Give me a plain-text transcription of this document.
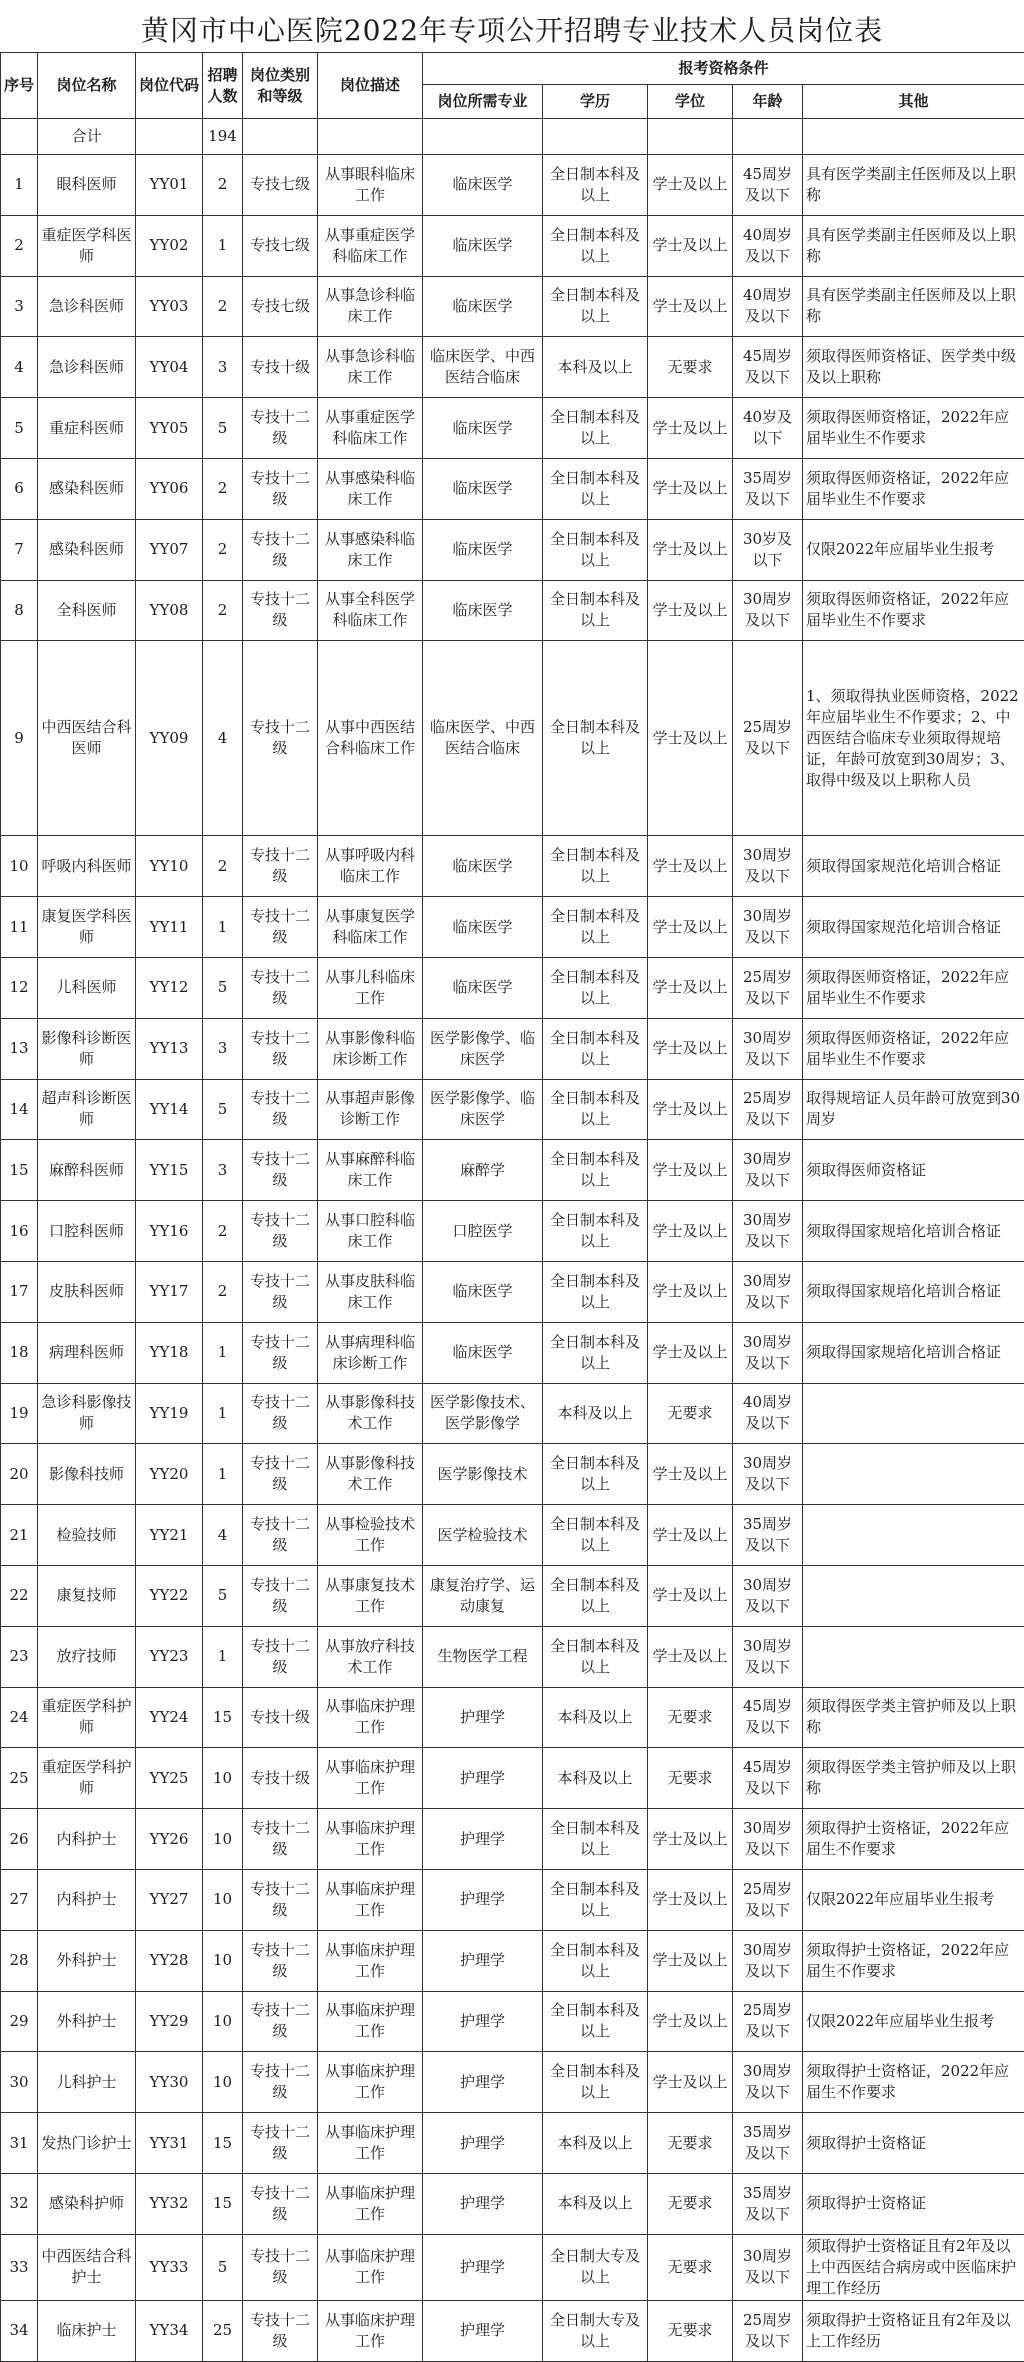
黄冈市中心医院2022年专项公开招聘专业技术人员岗位表
序号	岗位名称	岗位代码	招聘人数	岗位类别和等级	岗位描述	报考资格条件				
						岗位所需专业	学历	学位	年龄	其他
	合计		194							
1	眼科医师	YY01	2	专技七级	从事眼科临床工作	临床医学	全日制本科及以上	学士及以上	45周岁及以下	具有医学类副主任医师及以上职称
2	重症医学科医师	YY02	1	专技七级	从事重症医学科临床工作	临床医学	全日制本科及以上	学士及以上	40周岁及以下	具有医学类副主任医师及以上职称
3	急诊科医师	YY03	2	专技七级	从事急诊科临床工作	临床医学	全日制本科及以上	学士及以上	40周岁及以下	具有医学类副主任医师及以上职称
4	急诊科医师	YY04	3	专技十级	从事急诊科临床工作	临床医学、中西医结合临床	本科及以上	无要求	45周岁及以下	须取得医师资格证、医学类中级及以上职称
5	重症科医师	YY05	5	专技十二级	从事重症医学科临床工作	临床医学	全日制本科及以上	学士及以上	40岁及以下	须取得医师资格证，2022年应届毕业生不作要求
6	感染科医师	YY06	2	专技十二级	从事感染科临床工作	临床医学	全日制本科及以上	学士及以上	35周岁及以下	须取得医师资格证，2022年应届毕业生不作要求
7	感染科医师	YY07	2	专技十二级	从事感染科临床工作	临床医学	全日制本科及以上	学士及以上	30岁及以下	仅限2022年应届毕业生报考
8	全科医师	YY08	2	专技十二级	从事全科医学科临床工作	临床医学	全日制本科及以上	学士及以上	30周岁及以下	须取得医师资格证，2022年应届毕业生不作要求
9	中西医结合科医师	YY09	4	专技十二级	从事中西医结合科临床工作	临床医学、中西医结合临床	全日制本科及以上	学士及以上	25周岁及以下	1、须取得执业医师资格，2022年应届毕业生不作要求；2、中西医结合临床专业须取得规培证，年龄可放宽到30周岁；3、取得中级及以上职称人员
10	呼吸内科医师	YY10	2	专技十二级	从事呼吸内科临床工作	临床医学	全日制本科及以上	学士及以上	30周岁及以下	须取得国家规范化培训合格证
11	康复医学科医师	YY11	1	专技十二级	从事康复医学科临床工作	临床医学	全日制本科及以上	学士及以上	30周岁及以下	须取得国家规范化培训合格证
12	儿科医师	YY12	5	专技十二级	从事儿科临床工作	临床医学	全日制本科及以上	学士及以上	25周岁及以下	须取得医师资格证，2022年应届毕业生不作要求
13	影像科诊断医师	YY13	3	专技十二级	从事影像科临床诊断工作	医学影像学、临床医学	全日制本科及以上	学士及以上	30周岁及以下	须取得医师资格证，2022年应届毕业生不作要求
14	超声科诊断医师	YY14	5	专技十二级	从事超声影像诊断工作	医学影像学、临床医学	全日制本科及以上	学士及以上	25周岁及以下	取得规培证人员年龄可放宽到30周岁
15	麻醉科医师	YY15	3	专技十二级	从事麻醉科临床工作	麻醉学	全日制本科及以上	学士及以上	30周岁及以下	须取得医师资格证
16	口腔科医师	YY16	2	专技十二级	从事口腔科临床工作	口腔医学	全日制本科及以上	学士及以上	30周岁及以下	须取得国家规培化培训合格证
17	皮肤科医师	YY17	2	专技十二级	从事皮肤科临床工作	临床医学	全日制本科及以上	学士及以上	30周岁及以下	须取得国家规培化培训合格证
18	病理科医师	YY18	1	专技十二级	从事病理科临床诊断工作	临床医学	全日制本科及以上	学士及以上	30周岁及以下	须取得国家规培化培训合格证
19	急诊科影像技师	YY19	1	专技十二级	从事影像科技术工作	医学影像技术、医学影像学	本科及以上	无要求	40周岁及以下	
20	影像科技师	YY20	1	专技十二级	从事影像科技术工作	医学影像技术	全日制本科及以上	学士及以上	30周岁及以下	
21	检验技师	YY21	4	专技十二级	从事检验技术工作	医学检验技术	全日制本科及以上	学士及以上	35周岁及以下	
22	康复技师	YY22	5	专技十二级	从事康复技术工作	康复治疗学、运动康复	全日制本科及以上	学士及以上	30周岁及以下	
23	放疗技师	YY23	1	专技十二级	从事放疗科技术工作	生物医学工程	全日制本科及以上	学士及以上	30周岁及以下	
24	重症医学科护师	YY24	15	专技十级	从事临床护理工作	护理学	本科及以上	无要求	45周岁及以下	须取得医学类主管护师及以上职称
25	重症医学科护师	YY25	10	专技十级	从事临床护理工作	护理学	本科及以上	无要求	45周岁及以下	须取得医学类主管护师及以上职称
26	内科护士	YY26	10	专技十二级	从事临床护理工作	护理学	全日制本科及以上	学士及以上	30周岁及以下	须取得护士资格证，2022年应届生不作要求
27	内科护士	YY27	10	专技十二级	从事临床护理工作	护理学	全日制本科及以上	学士及以上	25周岁及以下	仅限2022年应届毕业生报考
28	外科护士	YY28	10	专技十二级	从事临床护理工作	护理学	全日制本科及以上	学士及以上	30周岁及以下	须取得护士资格证，2022年应届生不作要求
29	外科护士	YY29	10	专技十二级	从事临床护理工作	护理学	全日制本科及以上	学士及以上	25周岁及以下	仅限2022年应届毕业生报考
30	儿科护士	YY30	10	专技十二级	从事临床护理工作	护理学	全日制本科及以上	学士及以上	30周岁及以下	须取得护士资格证，2022年应届生不作要求
31	发热门诊护士	YY31	15	专技十二级	从事临床护理工作	护理学	本科及以上	无要求	35周岁及以下	须取得护士资格证
32	感染科护师	YY32	15	专技十二级	从事临床护理工作	护理学	本科及以上	无要求	35周岁及以下	须取得护士资格证
33	中西医结合科护士	YY33	5	专技十二级	从事临床护理工作	护理学	全日制大专及以上	无要求	30周岁及以下	须取得护士资格证且有2年及以上中西医结合病房或中医临床护理工作经历
34	临床护士	YY34	25	专技十二级	从事临床护理工作	护理学	全日制大专及以上	无要求	25周岁及以下	须取得护士资格证且有2年及以上工作经历
